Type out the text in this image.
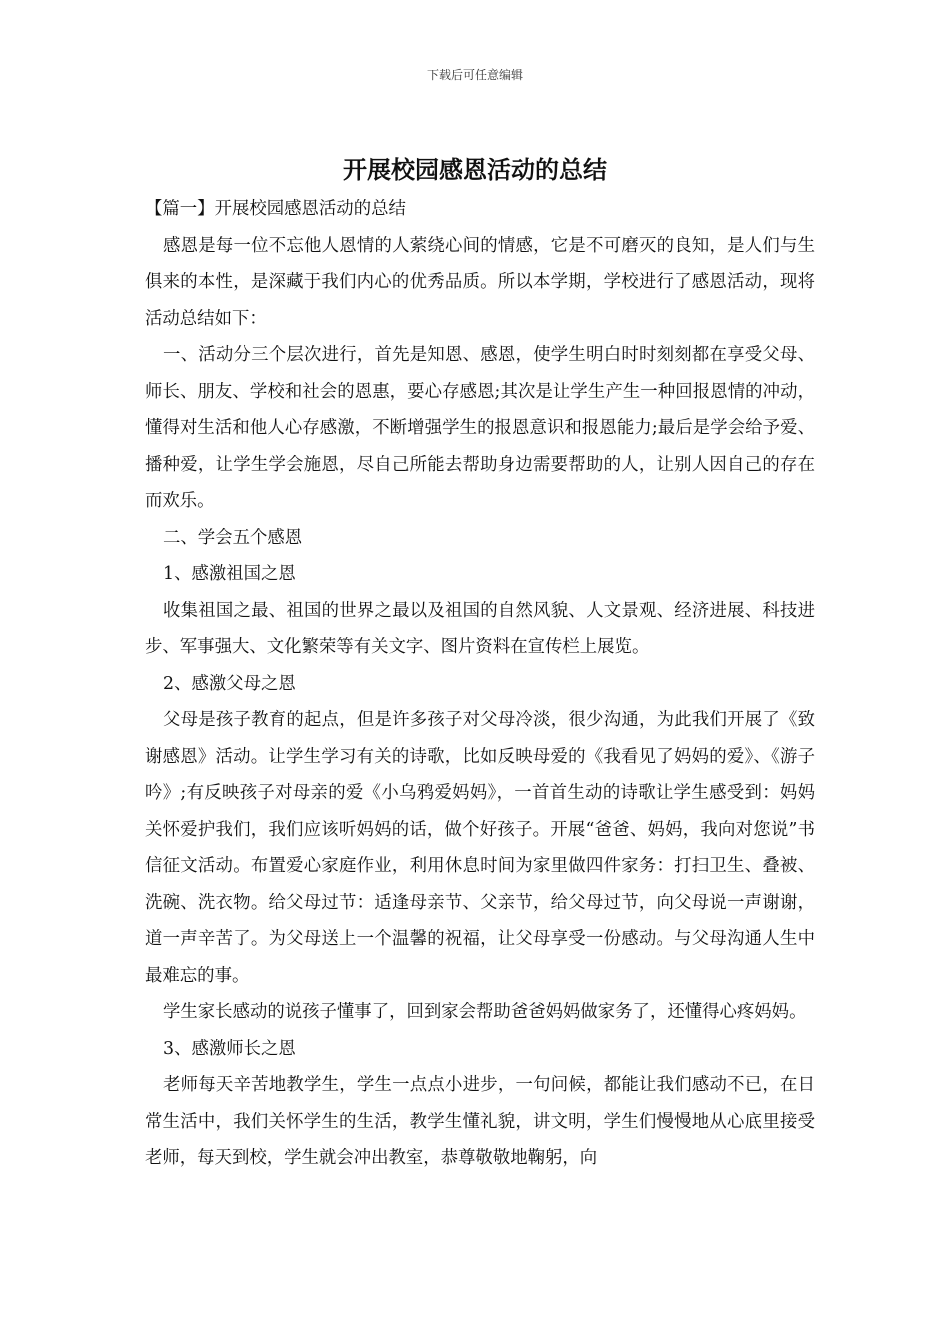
下载后可任意编辑
开展校园感恩活动的总结

【篇一】开展校园感恩活动的总结

感恩是每一位不忘他人恩情的人萦绕心间的情感，它是不可磨灭的良知，是人们与生俱来的本性，是深藏于我们内心的优秀品质。所以本学期，学校进行了感恩活动，现将活动总结如下：

一、活动分三个层次进行，首先是知恩、感恩，使学生明白时时刻刻都在享受父母、师长、朋友、学校和社会的恩惠，要心存感恩;其次是让学生产生一种回报恩情的冲动，懂得对生活和他人心存感激，不断增强学生的报恩意识和报恩能力;最后是学会给予爱、播种爱，让学生学会施恩，尽自己所能去帮助身边需要帮助的人，让别人因自己的存在而欢乐。

二、学会五个感恩

1、感激祖国之恩

收集祖国之最、祖国的世界之最以及祖国的自然风貌、人文景观、经济进展、科技进步、军事强大、文化繁荣等有关文字、图片资料在宣传栏上展览。

2、感激父母之恩

父母是孩子教育的起点，但是许多孩子对父母冷淡，很少沟通，为此我们开展了《致谢感恩》活动。让学生学习有关的诗歌，比如反映母爱的《我看见了妈妈的爱》、《游子吟》;有反映孩子对母亲的爱《小乌鸦爱妈妈》，一首首生动的诗歌让学生感受到：妈妈关怀爱护我们，我们应该听妈妈的话，做个好孩子。开展“爸爸、妈妈，我向对您说”书信征文活动。布置爱心家庭作业，利用休息时间为家里做四件家务：打扫卫生、叠被、洗碗、洗衣物。给父母过节：适逢母亲节、父亲节，给父母过节，向父母说一声谢谢，道一声辛苦了。为父母送上一个温馨的祝福，让父母享受一份感动。与父母沟通人生中最难忘的事。

学生家长感动的说孩子懂事了，回到家会帮助爸爸妈妈做家务了，还懂得心疼妈妈。

3、感激师长之恩

老师每天辛苦地教学生，学生一点点小进步，一句问候，都能让我们感动不已，在日常生活中，我们关怀学生的生活，教学生懂礼貌，讲文明，学生们慢慢地从心底里接受老师，每天到校，学生就会冲出教室，恭尊敬敬地鞠躬，向
